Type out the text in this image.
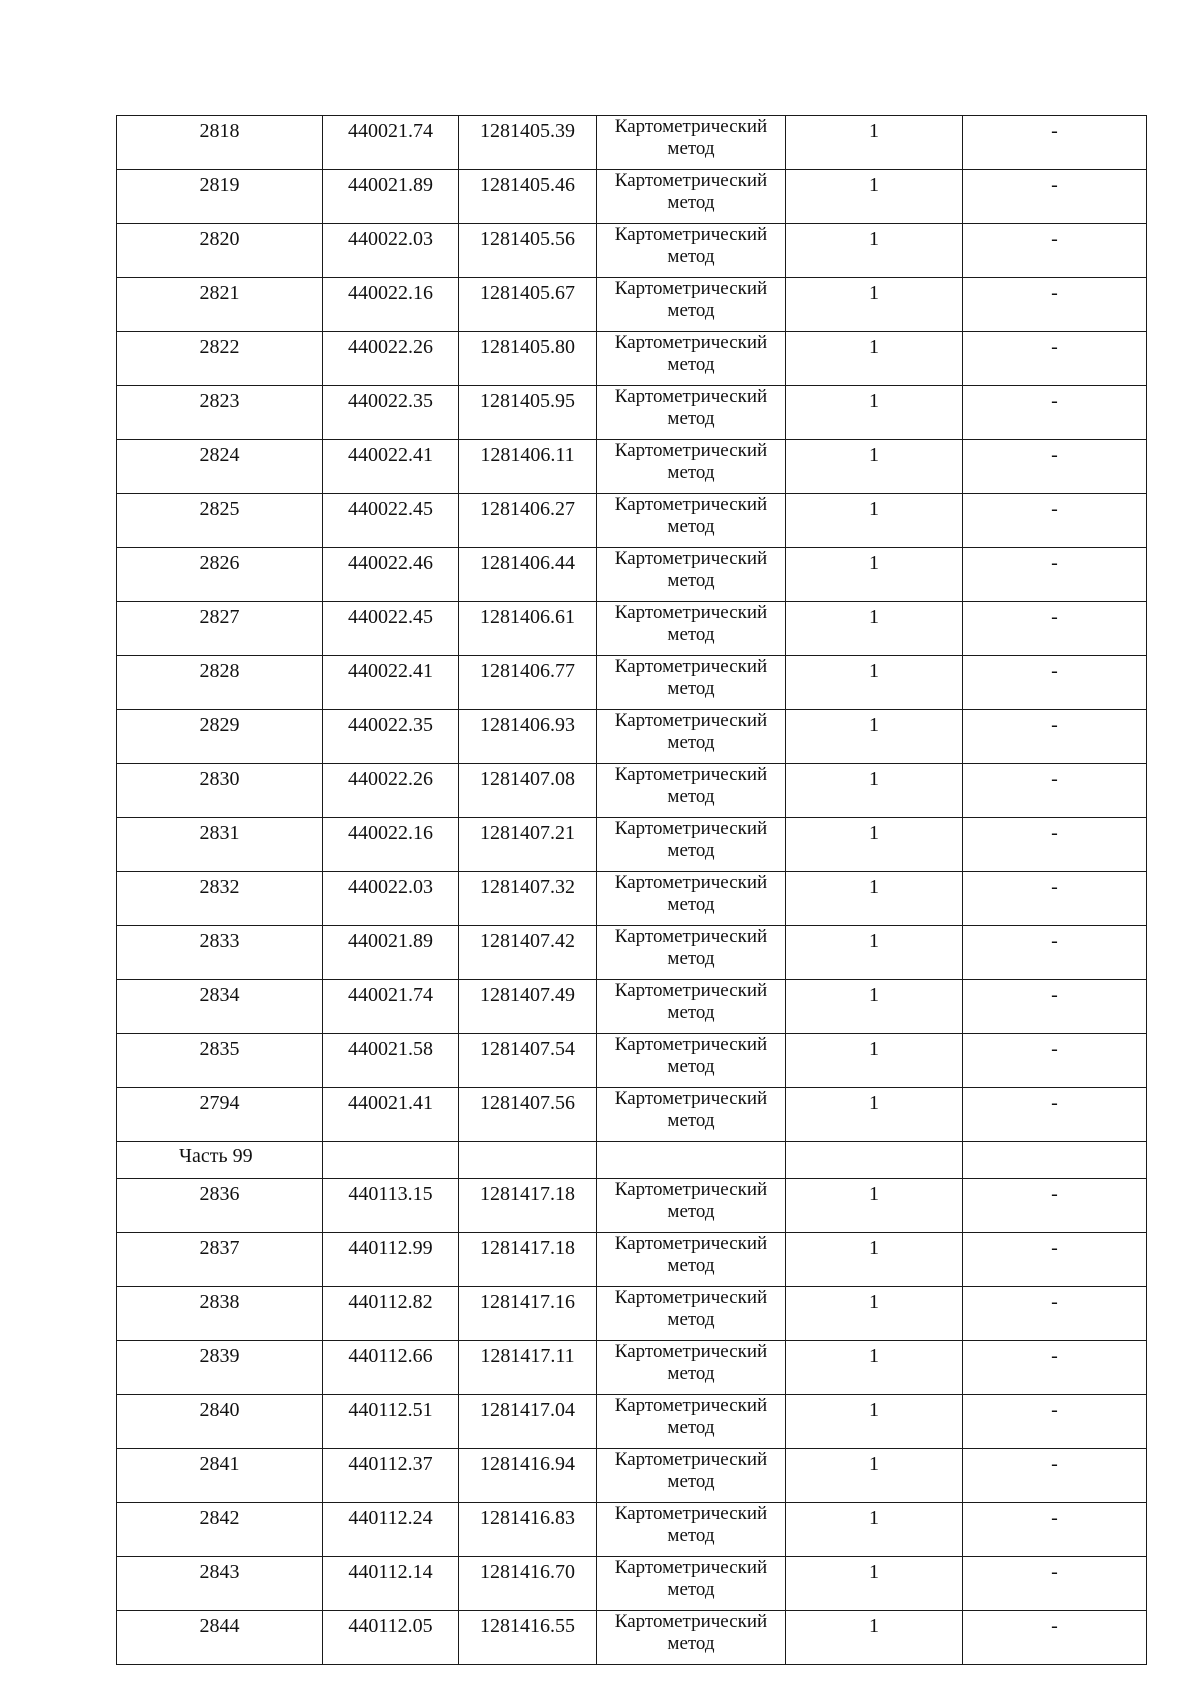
2818	440021.74	1281405.39	Картометрический метод	1	-
2819	440021.89	1281405.46	Картометрический метод	1	-
2820	440022.03	1281405.56	Картометрический метод	1	-
2821	440022.16	1281405.67	Картометрический метод	1	-
2822	440022.26	1281405.80	Картометрический метод	1	-
2823	440022.35	1281405.95	Картометрический метод	1	-
2824	440022.41	1281406.11	Картометрический метод	1	-
2825	440022.45	1281406.27	Картометрический метод	1	-
2826	440022.46	1281406.44	Картометрический метод	1	-
2827	440022.45	1281406.61	Картометрический метод	1	-
2828	440022.41	1281406.77	Картометрический метод	1	-
2829	440022.35	1281406.93	Картометрический метод	1	-
2830	440022.26	1281407.08	Картометрический метод	1	-
2831	440022.16	1281407.21	Картометрический метод	1	-
2832	440022.03	1281407.32	Картометрический метод	1	-
2833	440021.89	1281407.42	Картометрический метод	1	-
2834	440021.74	1281407.49	Картометрический метод	1	-
2835	440021.58	1281407.54	Картометрический метод	1	-
2794	440021.41	1281407.56	Картометрический метод	1	-
Часть 99					
2836	440113.15	1281417.18	Картометрический метод	1	-
2837	440112.99	1281417.18	Картометрический метод	1	-
2838	440112.82	1281417.16	Картометрический метод	1	-
2839	440112.66	1281417.11	Картометрический метод	1	-
2840	440112.51	1281417.04	Картометрический метод	1	-
2841	440112.37	1281416.94	Картометрический метод	1	-
2842	440112.24	1281416.83	Картометрический метод	1	-
2843	440112.14	1281416.70	Картометрический метод	1	-
2844	440112.05	1281416.55	Картометрический метод	1	-
